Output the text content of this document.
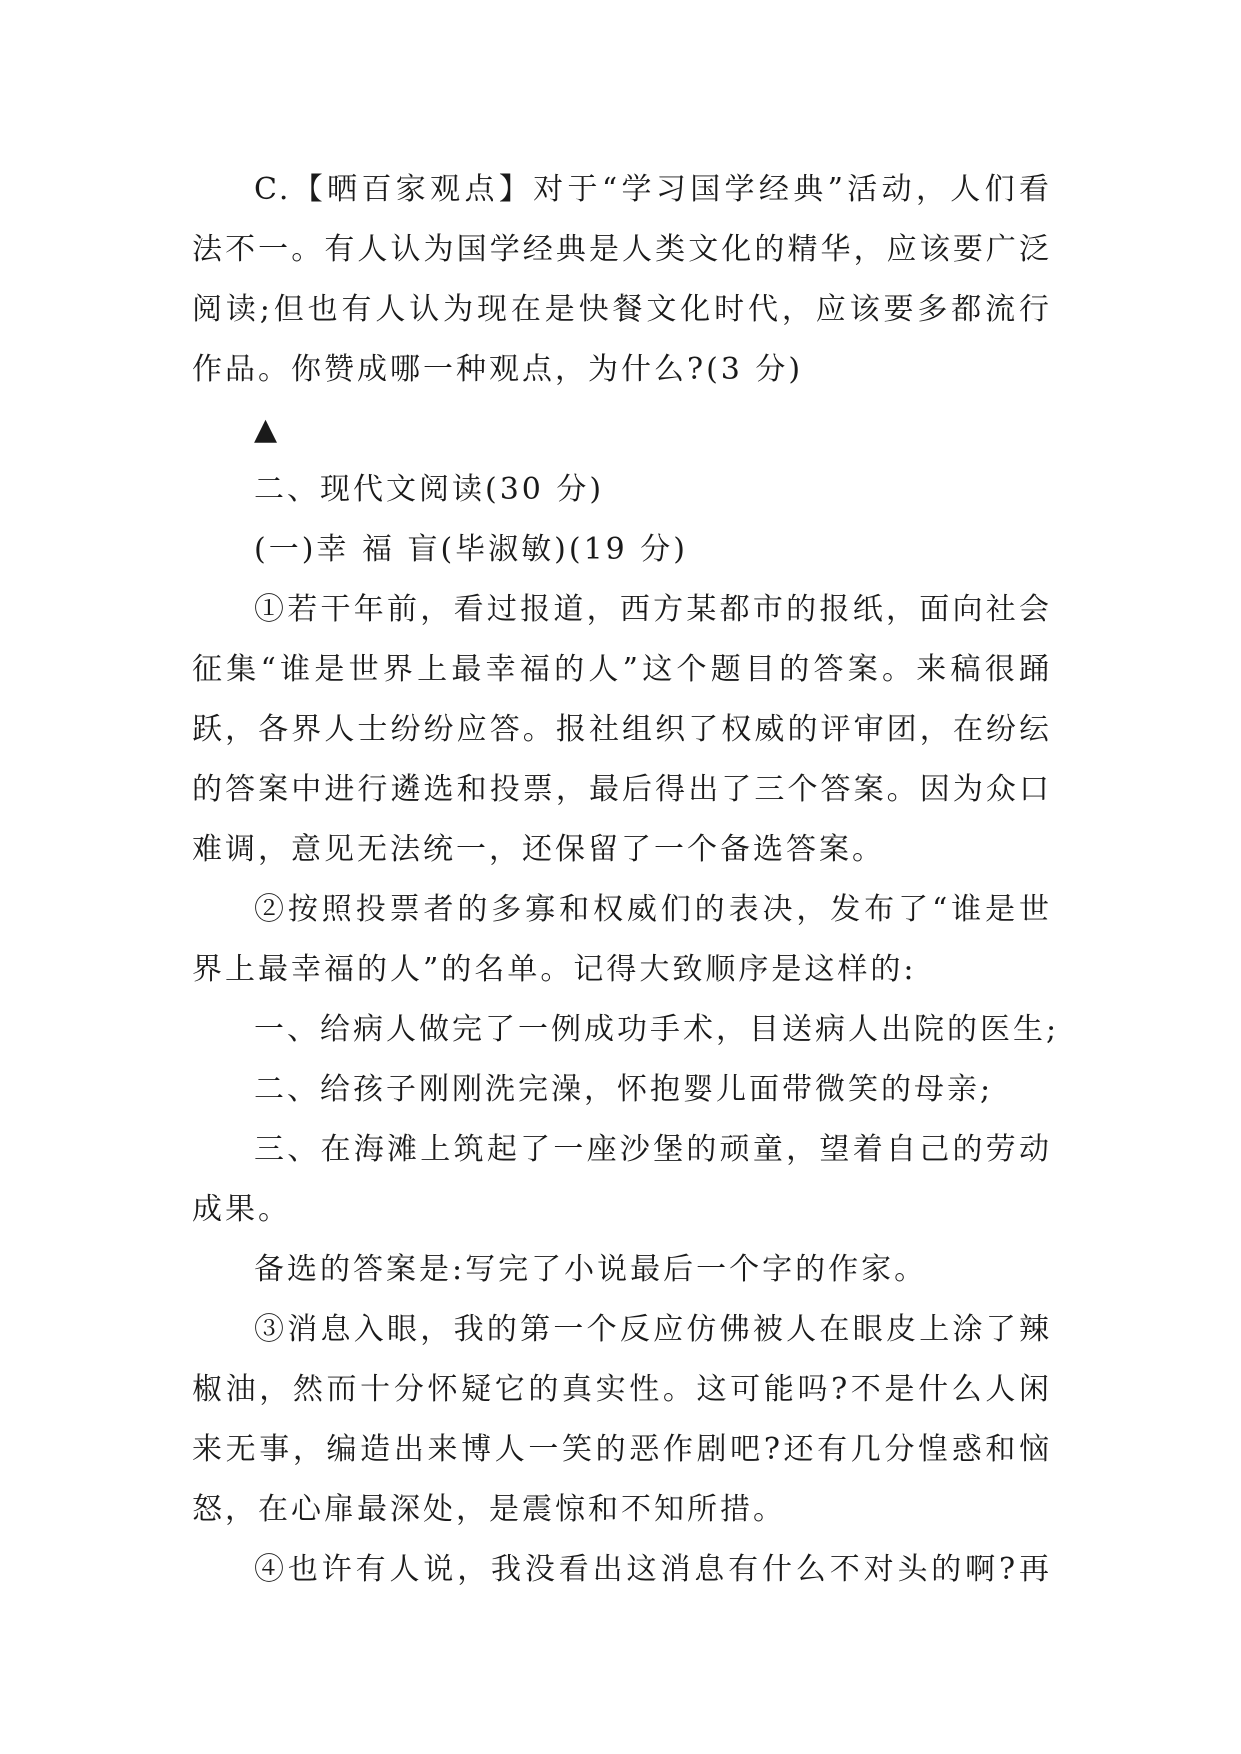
C.【晒百家观点】对于“学习国学经典”活动，人们看
法不一。有人认为国学经典是人类文化的精华，应该要广泛
阅读;但也有人认为现在是快餐文化时代，应该要多都流行
作品。你赞成哪一种观点，为什么?(3 分)
▲
二、现代文阅读(30 分)
(一)幸 福 盲(毕淑敏)(19 分)
①若干年前，看过报道，西方某都市的报纸，面向社会
征集“谁是世界上最幸福的人”这个题目的答案。来稿很踊
跃，各界人士纷纷应答。报社组织了权威的评审团，在纷纭
的答案中进行遴选和投票，最后得出了三个答案。因为众口
难调，意见无法统一，还保留了一个备选答案。
②按照投票者的多寡和权威们的表决，发布了“谁是世
界上最幸福的人”的名单。记得大致顺序是这样的:
一、给病人做完了一例成功手术，目送病人出院的医生;
二、给孩子刚刚洗完澡，怀抱婴儿面带微笑的母亲;
三、在海滩上筑起了一座沙堡的顽童，望着自己的劳动
成果。
备选的答案是:写完了小说最后一个字的作家。
③消息入眼，我的第一个反应仿佛被人在眼皮上涂了辣
椒油，然而十分怀疑它的真实性。这可能吗?不是什么人闲
来无事，编造出来博人一笑的恶作剧吧?还有几分惶惑和恼
怒，在心扉最深处，是震惊和不知所措。
④也许有人说，我没看出这消息有什么不对头的啊?再
